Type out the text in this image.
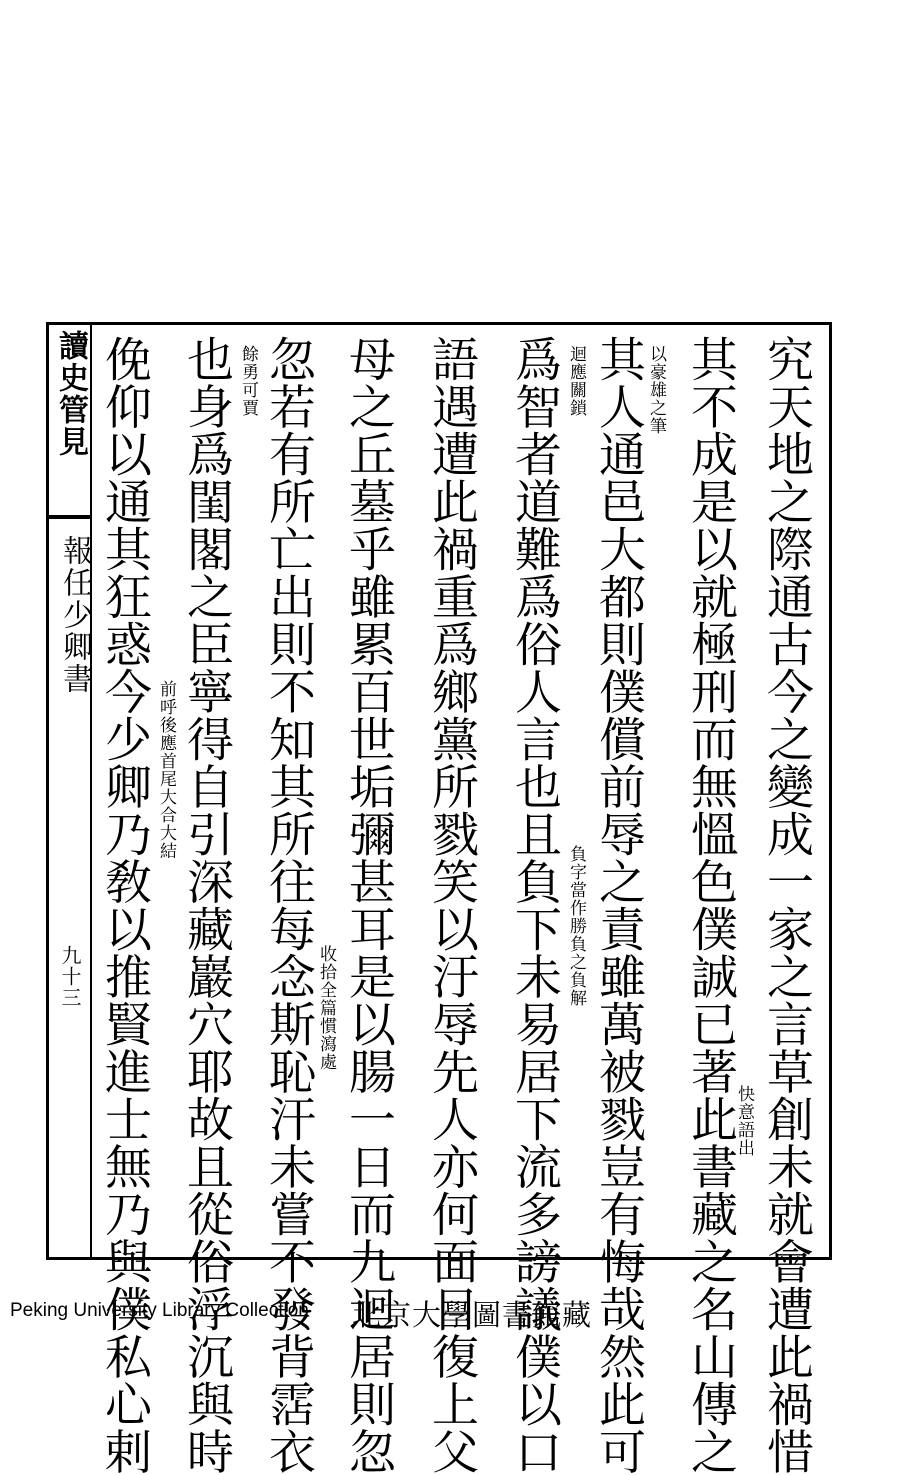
讀史管見
報任少卿書
九十三	究天地之際通古今之變成一家之言草創未就會遭此禍惜
其不成是以就極刑而無慍色僕誠已著此書藏之名山傳之
其人通邑大都則僕償前辱之責雖萬被戮豈有悔哉然此可
爲智者道難爲俗人言也且負下未易居下流多謗議僕以口
語遇遭此禍重爲鄉黨所戮笑以汙辱先人亦何面目復上父
母之丘墓乎雖累百世垢彌甚耳是以腸一日而九迴居則忽
忽若有所亡出則不知其所往每念斯恥汗未嘗不發背霑衣
也身爲閨閣之臣寧得自引深藏巖穴耶故且從俗浮沉與時
俛仰以通其狂惑今少卿乃敎以推賢進士無乃與僕私心剌	快意語出
以豪雄之筆
迴應關鎖
負字當作勝負之負解
收拾全篇慣瀉處
餘勇可賈
前呼後應首尾大合大結
Peking University Library Collection 北京大學圖書館藏
